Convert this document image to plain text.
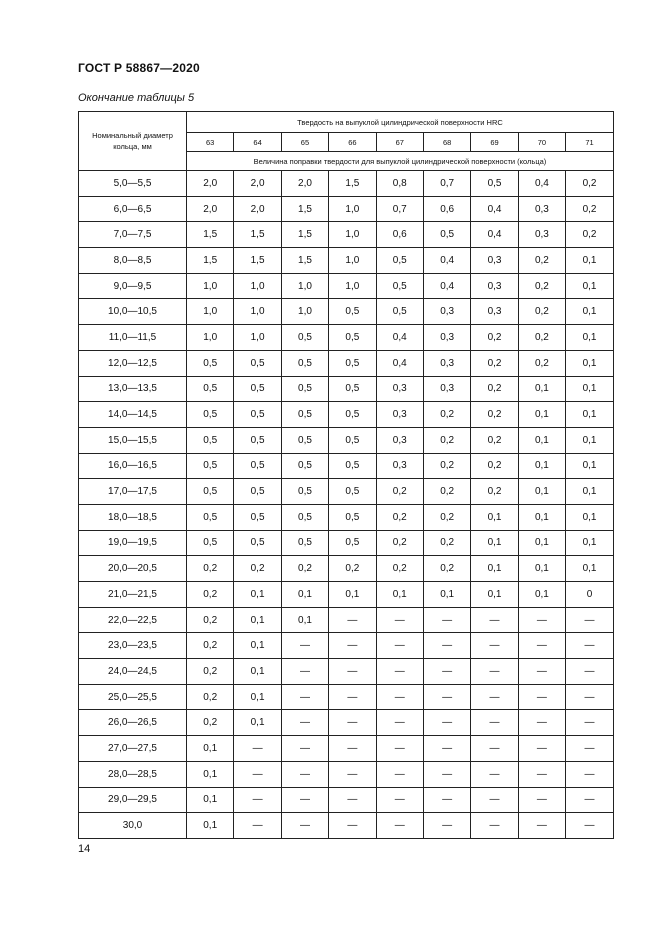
ГОСТ Р 58867—2020
Окончание таблицы 5
Номинальный диаметр кольца, мм	Твердость на выпуклой цилиндрической поверхности HRC								
	63	64	65	66	67	68	69	70	71
	Величина поправки твердости для выпуклой цилиндрической поверхности (кольца)								
5,0—5,5	2,0	2,0	2,0	1,5	0,8	0,7	0,5	0,4	0,2
6,0—6,5	2,0	2,0	1,5	1,0	0,7	0,6	0,4	0,3	0,2
7,0—7,5	1,5	1,5	1,5	1,0	0,6	0,5	0,4	0,3	0,2
8,0—8,5	1,5	1,5	1,5	1,0	0,5	0,4	0,3	0,2	0,1
9,0—9,5	1,0	1,0	1,0	1,0	0,5	0,4	0,3	0,2	0,1
10,0—10,5	1,0	1,0	1,0	0,5	0,5	0,3	0,3	0,2	0,1
11,0—11,5	1,0	1,0	0,5	0,5	0,4	0,3	0,2	0,2	0,1
12,0—12,5	0,5	0,5	0,5	0,5	0,4	0,3	0,2	0,2	0,1
13,0—13,5	0,5	0,5	0,5	0,5	0,3	0,3	0,2	0,1	0,1
14,0—14,5	0,5	0,5	0,5	0,5	0,3	0,2	0,2	0,1	0,1
15,0—15,5	0,5	0,5	0,5	0,5	0,3	0,2	0,2	0,1	0,1
16,0—16,5	0,5	0,5	0,5	0,5	0,3	0,2	0,2	0,1	0,1
17,0—17,5	0,5	0,5	0,5	0,5	0,2	0,2	0,2	0,1	0,1
18,0—18,5	0,5	0,5	0,5	0,5	0,2	0,2	0,1	0,1	0,1
19,0—19,5	0,5	0,5	0,5	0,5	0,2	0,2	0,1	0,1	0,1
20,0—20,5	0,2	0,2	0,2	0,2	0,2	0,2	0,1	0,1	0,1
21,0—21,5	0,2	0,1	0,1	0,1	0,1	0,1	0,1	0,1	0
22,0—22,5	0,2	0,1	0,1	—	—	—	—	—	—
23,0—23,5	0,2	0,1	—	—	—	—	—	—	—
24,0—24,5	0,2	0,1	—	—	—	—	—	—	—
25,0—25,5	0,2	0,1	—	—	—	—	—	—	—
26,0—26,5	0,2	0,1	—	—	—	—	—	—	—
27,0—27,5	0,1	—	—	—	—	—	—	—	—
28,0—28,5	0,1	—	—	—	—	—	—	—	—
29,0—29,5	0,1	—	—	—	—	—	—	—	—
30,0	0,1	—	—	—	—	—	—	—	—
14
